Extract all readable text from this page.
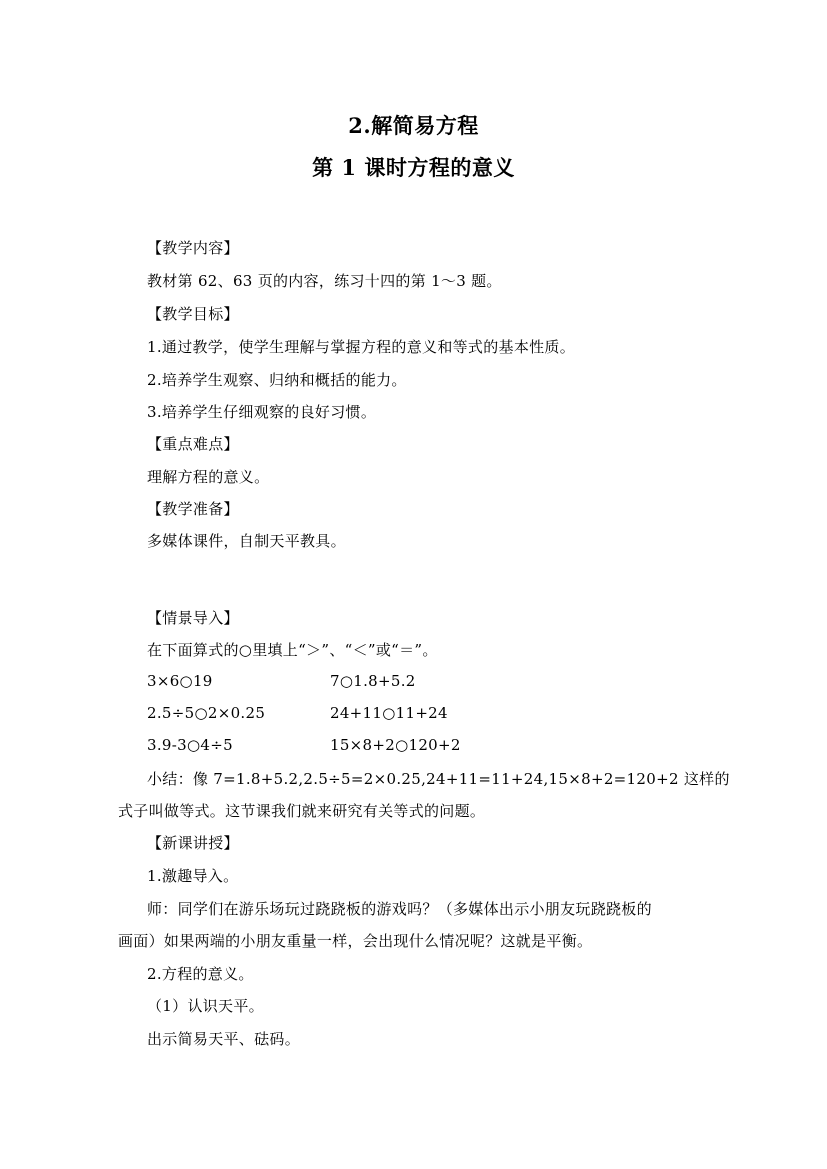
2.解简易方程
第 1 课时方程的意义
【教学内容】
教材第 62、63 页的内容，练习十四的第 1～3 题。
【教学目标】
1.通过教学，使学生理解与掌握方程的意义和等式的基本性质。
2.培养学生观察、归纳和概括的能力。
3.培养学生仔细观察的良好习惯。
【重点难点】
理解方程的意义。
【教学准备】
多媒体课件，自制天平教具。
【情景导入】
在下面算式的○里填上“＞”、“＜”或“＝”。
3×6○19	7○1.8+5.2
2.5÷5○2×0.25	24+11○11+24
3.9-3○4÷5	15×8+2○120+2
小结：像 7=1.8+5.2,2.5÷5=2×0.25,24+11=11+24,15×8+2=120+2 这样的
式子叫做等式。这节课我们就来研究有关等式的问题。
【新课讲授】
1.激趣导入。
师：同学们在游乐场玩过跷跷板的游戏吗？（多媒体出示小朋友玩跷跷板的
画面）如果两端的小朋友重量一样，会出现什么情况呢？这就是平衡。
2.方程的意义。
（1）认识天平。
出示简易天平、砝码。
